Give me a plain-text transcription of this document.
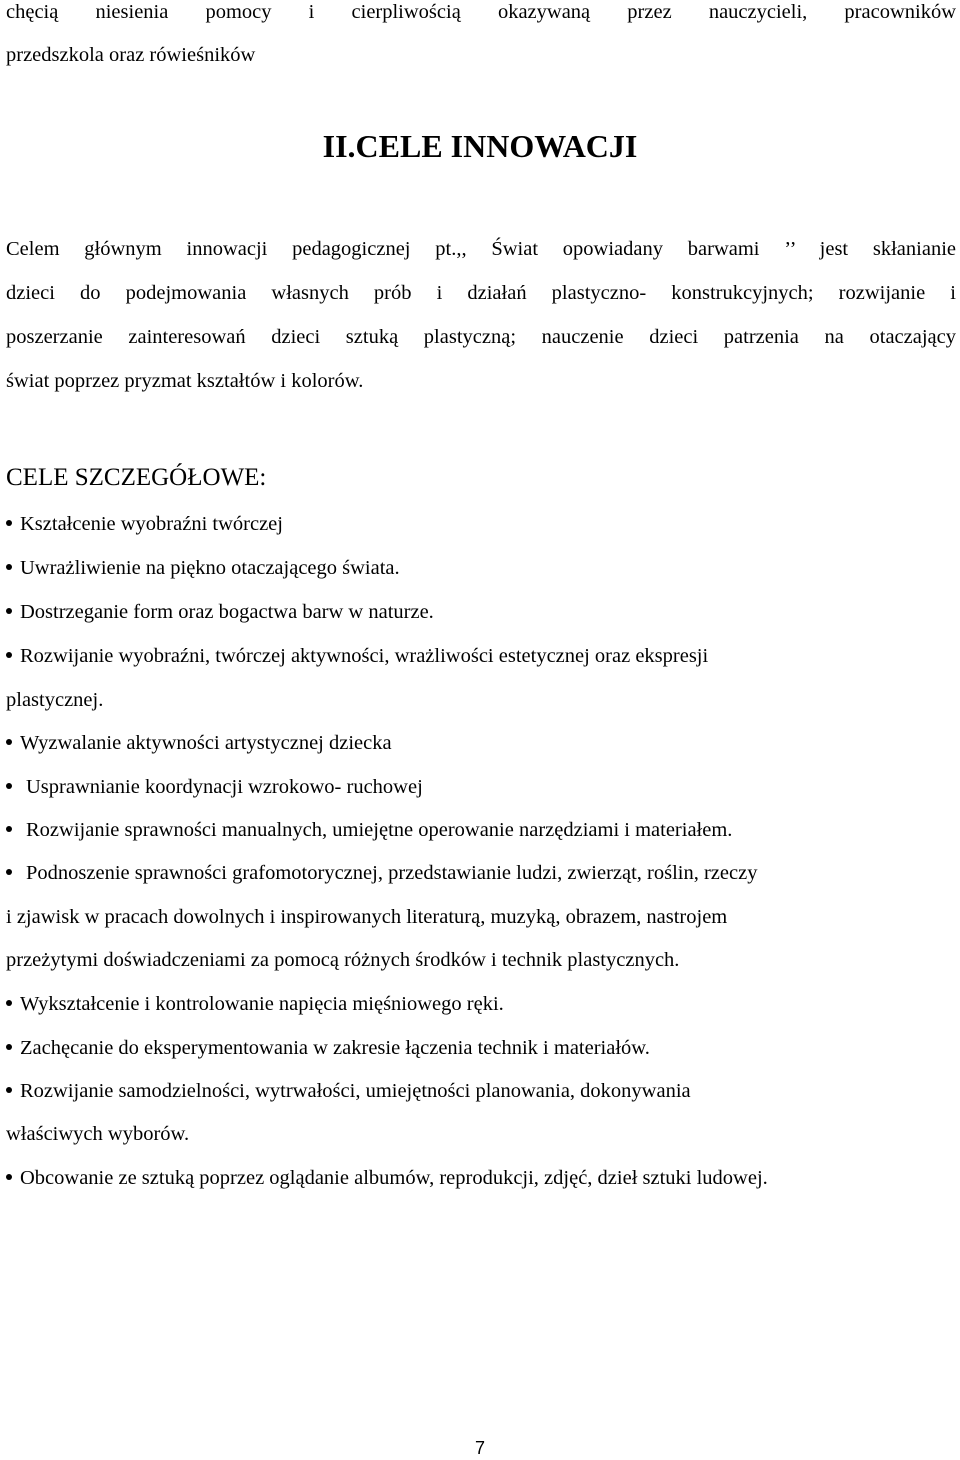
chęcią niesienia pomocy i cierpliwością okazywaną przez nauczycieli, pracowników
przedszkola oraz rówieśników
II.CELE INNOWACJI
Celem głównym innowacji pedagogicznej pt.,, Świat opowiadany barwami ’’ jest skłanianie
dzieci do podejmowania własnych prób i działań plastyczno- konstrukcyjnych; rozwijanie i
poszerzanie zainteresowań dzieci sztuką plastyczną; nauczenie dzieci patrzenia na otaczający
świat poprzez pryzmat kształtów i kolorów.
CELE SZCZEGÓŁOWE:
Kształcenie wyobraźni twórczej
Uwrażliwienie na piękno otaczającego świata.
Dostrzeganie form oraz bogactwa barw w naturze.
Rozwijanie wyobraźni, twórczej aktywności, wrażliwości estetycznej oraz ekspresji
plastycznej.
Wyzwalanie aktywności artystycznej dziecka
Usprawnianie koordynacji wzrokowo- ruchowej
Rozwijanie sprawności manualnych, umiejętne operowanie narzędziami i materiałem.
Podnoszenie sprawności grafomotorycznej, przedstawianie ludzi, zwierząt, roślin, rzeczy
i zjawisk w pracach dowolnych i inspirowanych literaturą, muzyką, obrazem, nastrojem
przeżytymi doświadczeniami za pomocą różnych środków i technik plastycznych.
Wykształcenie i kontrolowanie napięcia mięśniowego ręki.
Zachęcanie do eksperymentowania w zakresie łączenia technik i materiałów.
Rozwijanie samodzielności, wytrwałości, umiejętności planowania, dokonywania
właściwych wyborów.
Obcowanie ze sztuką poprzez oglądanie albumów, reprodukcji, zdjęć, dzieł sztuki ludowej.
7
